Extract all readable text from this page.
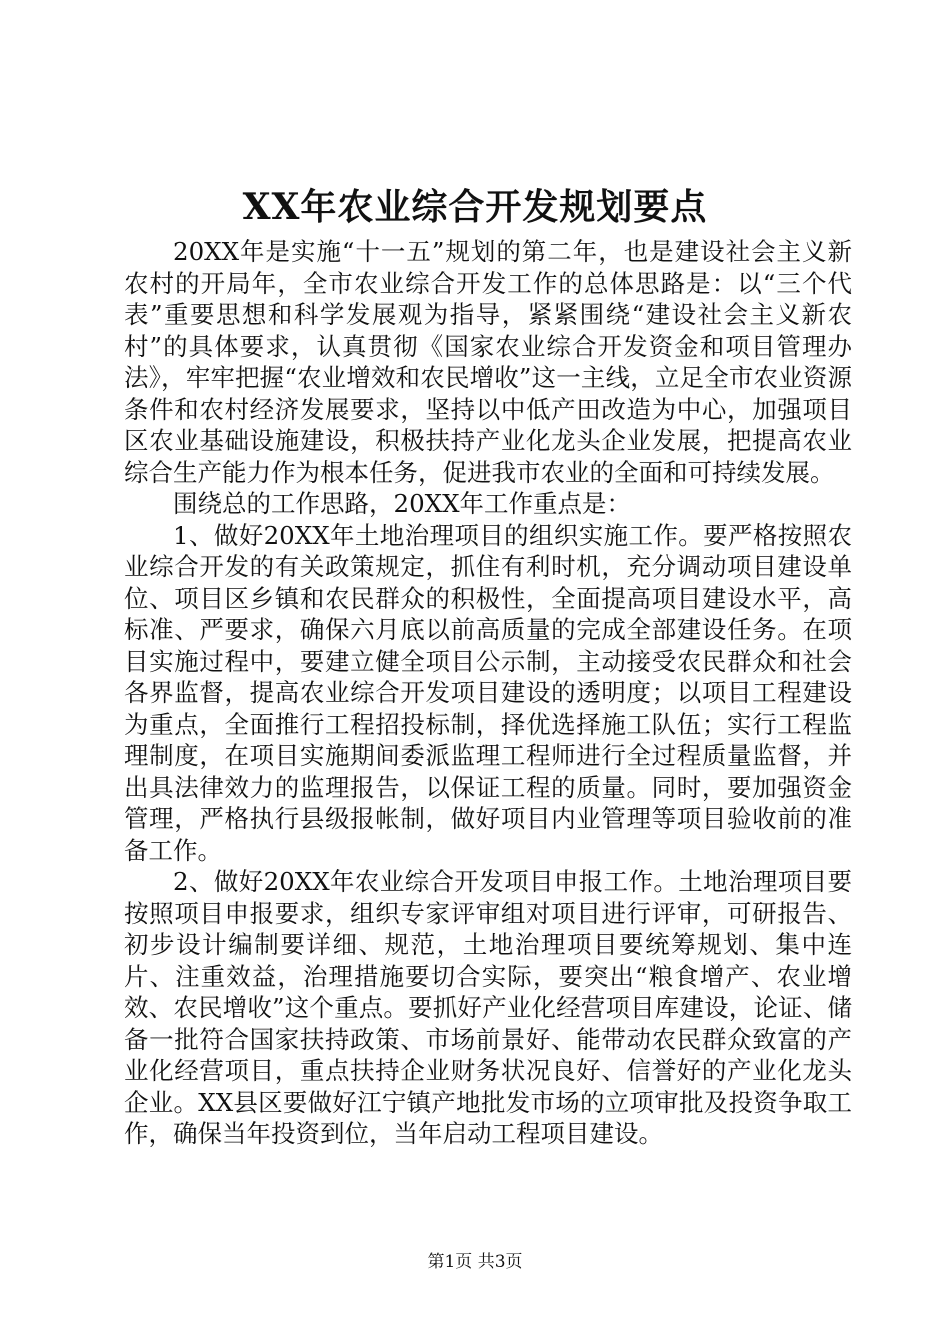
XX年农业综合开发规划要点

20XX年是实施“十一五”规划的第二年，也是建设社会主义新农村的开局年，全市农业综合开发工作的总体思路是：以“三个代表”重要思想和科学发展观为指导，紧紧围绕“建设社会主义新农村”的具体要求，认真贯彻《国家农业综合开发资金和项目管理办法》，牢牢把握“农业增效和农民增收”这一主线，立足全市农业资源条件和农村经济发展要求，坚持以中低产田改造为中心，加强项目区农业基础设施建设，积极扶持产业化龙头企业发展，把提高农业综合生产能力作为根本任务，促进我市农业的全面和可持续发展。

围绕总的工作思路，20XX年工作重点是：

1、做好20XX年土地治理项目的组织实施工作。要严格按照农业综合开发的有关政策规定，抓住有利时机，充分调动项目建设单位、项目区乡镇和农民群众的积极性，全面提高项目建设水平，高标准、严要求，确保六月底以前高质量的完成全部建设任务。在项目实施过程中，要建立健全项目公示制，主动接受农民群众和社会各界监督，提高农业综合开发项目建设的透明度；以项目工程建设为重点，全面推行工程招投标制，择优选择施工队伍；实行工程监理制度，在项目实施期间委派监理工程师进行全过程质量监督，并出具法律效力的监理报告，以保证工程的质量。同时，要加强资金管理，严格执行县级报帐制，做好项目内业管理等项目验收前的准备工作。

2、做好20XX年农业综合开发项目申报工作。土地治理项目要按照项目申报要求，组织专家评审组对项目进行评审，可研报告、初步设计编制要详细、规范，土地治理项目要统筹规划、集中连片、注重效益，治理措施要切合实际，要突出“粮食增产、农业增效、农民增收”这个重点。要抓好产业化经营项目库建设，论证、储备一批符合国家扶持政策、市场前景好、能带动农民群众致富的产业化经营项目，重点扶持企业财务状况良好、信誉好的产业化龙头企业。XX县区要做好江宁镇产地批发市场的立项审批及投资争取工作，确保当年投资到位，当年启动工程项目建设。

第1页 共3页
